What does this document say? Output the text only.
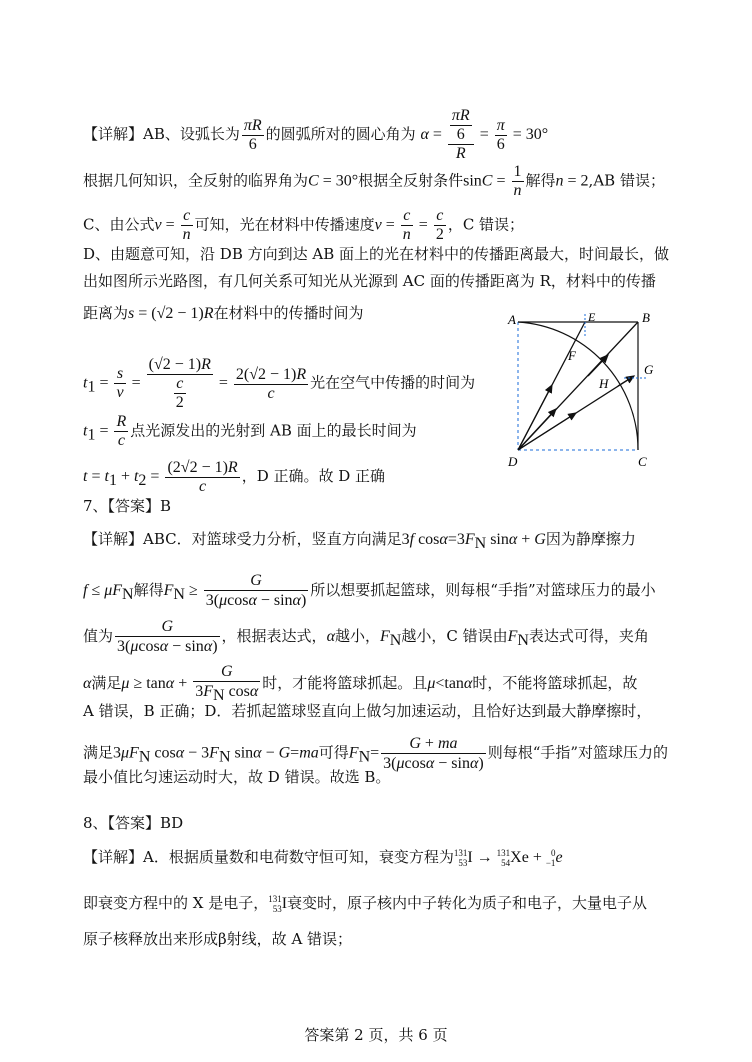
【详解】AB、设弧长为 $\frac{\pi R}{6}$ 的圆弧所对的圆心角为 $\alpha = \frac{\frac{\pi R}{6}}{R} = \frac{\pi}{6} = 30^\circ$
根据几何知识，全反射的临界角为C = 30°根据全反射条件$\sin C = \frac{1}{n}$ 解得n = 2,AB 错误；
C、由公式$v = \frac{c}{n}$ 可知，光在材料中传播速度$v = \frac{c}{n} = \frac{c}{2}$ ，C 错误；
D、由题意可知，沿 DB 方向到达 AB 面上的光在材料中的传播距离最大，时间最长，做
出如图所示光路图，有几何关系可知光从光源到 AC 面的传播距离为 R，材料中的传播
距离为s = (√2 − 1)R在材料中的传播时间为
$t_1 = \frac{s}{v} = \frac{(√2 - 1)R}{\frac{c}{2}} = \frac{2(√2 - 1)R}{c}$ 光在空气中传播的时间为
$t_1 = \frac{R}{c}$ 点光源发出的光射到 AB 面上的最长时间为
$t = t_1 + t_2 = \frac{(2√2 - 1)R}{c}$ ，D 正确。故 D 正确
A	B
C
D
E
F
G
H
7、【答案】B
【详解】ABC．对篮球受力分析，竖直方向满足3f $\cos\alpha=3F_N$ sinα + G因为静摩擦力
$f \le \mu F_N$解得$F_N \ge \frac{G}{3(\mu\cos\alpha - \sin\alpha)}$ 所以想要抓起篮球，则每根“手指”对篮球压力的最小
值为 $\frac{G}{3(\mu\cos\alpha - \sin\alpha)}$ ，根据表达式，α越小，$F_N$越小，C 错误由$F_N$表达式可得，夹角
α满足$\mu \ge \tan\alpha + \frac{G}{3F_N \cos\alpha}$ 时，才能将篮球抓起。且μ<tanα时，不能将篮球抓起，故
A 错误，B 正确；D．若抓起篮球竖直向上做匀加速运动，且恰好达到最大静摩擦时，
满足$3\mu F_N$ $\cos\alpha - 3F_N$ sinα − G=ma可得$F_N= \frac{G + ma}{3(\mu\cos\alpha - \sin\alpha)}$ 则每根“手指”对篮球压力的
最小值比匀速运动时大，故 D 错误。故选 B。
8、【答案】BD
【详解】A．根据质量数和电荷数守恒可知，衰变方程为131
53I → 131
54Xe + 0
−1e
即衰变方程中的 X 是电子，131
53I衰变时，原子核内中子转化为质子和电子，大量电子从
原子核释放出来形成β射线，故 A 错误；
答案第 2 页，共 6 页
